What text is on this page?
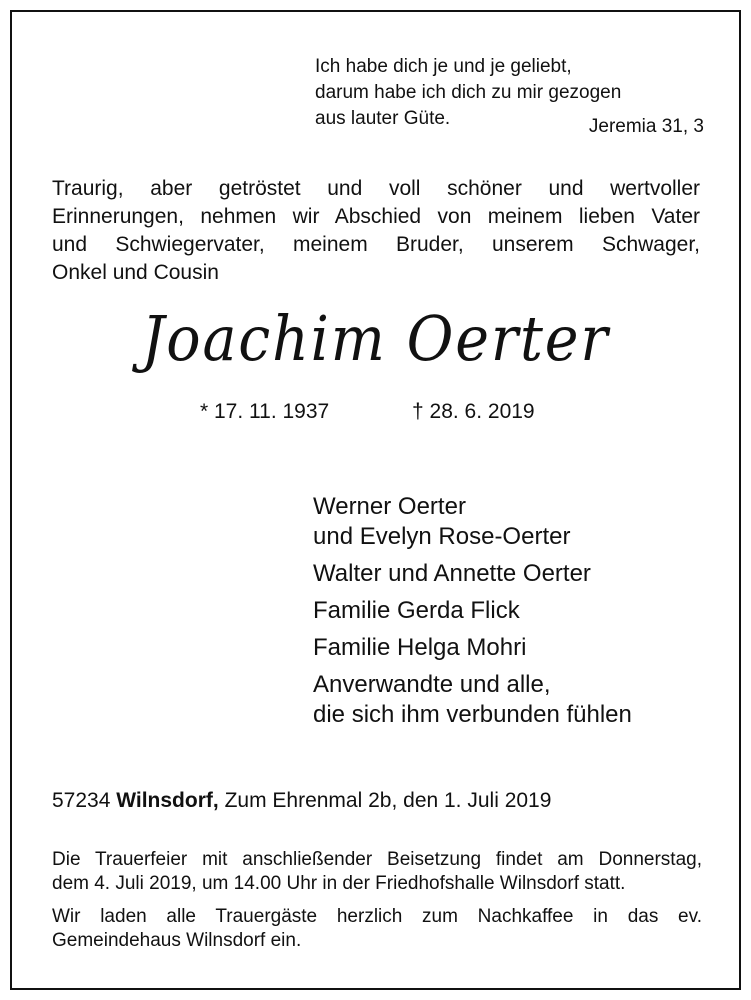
Ich habe dich je und je geliebt,
darum habe ich dich zu mir gezogen
aus lauter Güte.	Jeremia 31, 3
Traurig, aber getröstet und voll schöner und wertvoller
Erinnerungen, nehmen wir Abschied von meinem lieben Vater
und Schwiegervater, meinem Bruder, unserem Schwager,
Onkel und Cousin
Joachim Oerter
* 17. 11. 1937	† 28. 6. 2019
Werner Oerter
und Evelyn Rose-Oerter
Walter und Annette Oerter
Familie Gerda Flick
Familie Helga Mohri
Anverwandte und alle,
die sich ihm verbunden fühlen
57234 Wilnsdorf, Zum Ehrenmal 2b, den 1. Juli 2019
Die Trauerfeier mit anschließender Beisetzung findet am Donnerstag,
dem 4. Juli 2019, um 14.00 Uhr in der Friedhofshalle Wilnsdorf statt.
Wir laden alle Trauergäste herzlich zum Nachkaffee in das ev.
Gemeindehaus Wilnsdorf ein.
